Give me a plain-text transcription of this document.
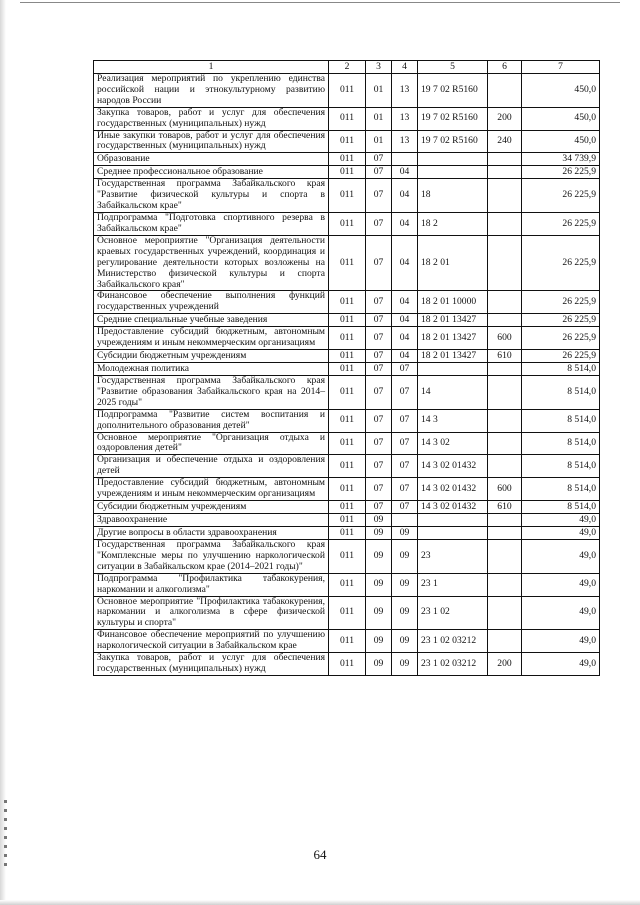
1	2	3	4	5	6	7
Реализация мероприятий по укреплению единства российской нации и этнокультурному развитию народов России	011	01	13	19 7 02 R5160		450,0
Закупка товаров, работ и услуг для обеспечения государственных (муниципальных) нужд	011	01	13	19 7 02 R5160	200	450,0
Иные закупки товаров, работ и услуг для обеспечения государственных (муниципальных) нужд	011	01	13	19 7 02 R5160	240	450,0
Образование	011	07				34 739,9
Среднее профессиональное образование	011	07	04			26 225,9
Государственная программа Забайкальского края "Развитие физической культуры и спорта в Забайкальском крае"	011	07	04	18		26 225,9
Подпрограмма "Подготовка спортивного резерва в Забайкальском крае"	011	07	04	18 2		26 225,9
Основное мероприятие "Организация деятельности краевых государственных учреждений, координация и регулирование деятельности которых возложены на Министерство физической культуры и спорта Забайкальского края"	011	07	04	18 2 01		26 225,9
Финансовое обеспечение выполнения функций государственных учреждений	011	07	04	18 2 01 10000		26 225,9
Средние специальные учебные заведения	011	07	04	18 2 01 13427		26 225,9
Предоставление субсидий бюджетным, автономным учреждениям и иным некоммерческим организациям	011	07	04	18 2 01 13427	600	26 225,9
Субсидии бюджетным учреждениям	011	07	04	18 2 01 13427	610	26 225,9
Молодежная политика	011	07	07			8 514,0
Государственная программа Забайкальского края "Развитие образования Забайкальского края на 2014–2025 годы"	011	07	07	14		8 514,0
Подпрограмма "Развитие систем воспитания и дополнительного образования детей"	011	07	07	14 3		8 514,0
Основное мероприятие "Организация отдыха и оздоровления детей"	011	07	07	14 3 02		8 514,0
Организация и обеспечение отдыха и оздоровления детей	011	07	07	14 3 02 01432		8 514,0
Предоставление субсидий бюджетным, автономным учреждениям и иным некоммерческим организациям	011	07	07	14 3 02 01432	600	8 514,0
Субсидии бюджетным учреждениям	011	07	07	14 3 02 01432	610	8 514,0
Здравоохранение	011	09				49,0
Другие вопросы в области здравоохранения	011	09	09			49,0
Государственная программа Забайкальского края "Комплексные меры по улучшению наркологической ситуации в Забайкальском крае (2014–2021 годы)"	011	09	09	23		49,0
Подпрограмма "Профилактика табакокурения, наркомании и алкоголизма"	011	09	09	23 1		49,0
Основное мероприятие "Профилактика табакокурения, наркомании и алкоголизма в сфере физической культуры и спорта"	011	09	09	23 1 02		49,0
Финансовое обеспечение мероприятий по улучшению наркологической ситуации в Забайкальском крае	011	09	09	23 1 02 03212		49,0
Закупка товаров, работ и услуг для обеспечения государственных (муниципальных) нужд	011	09	09	23 1 02 03212	200	49,0
64
